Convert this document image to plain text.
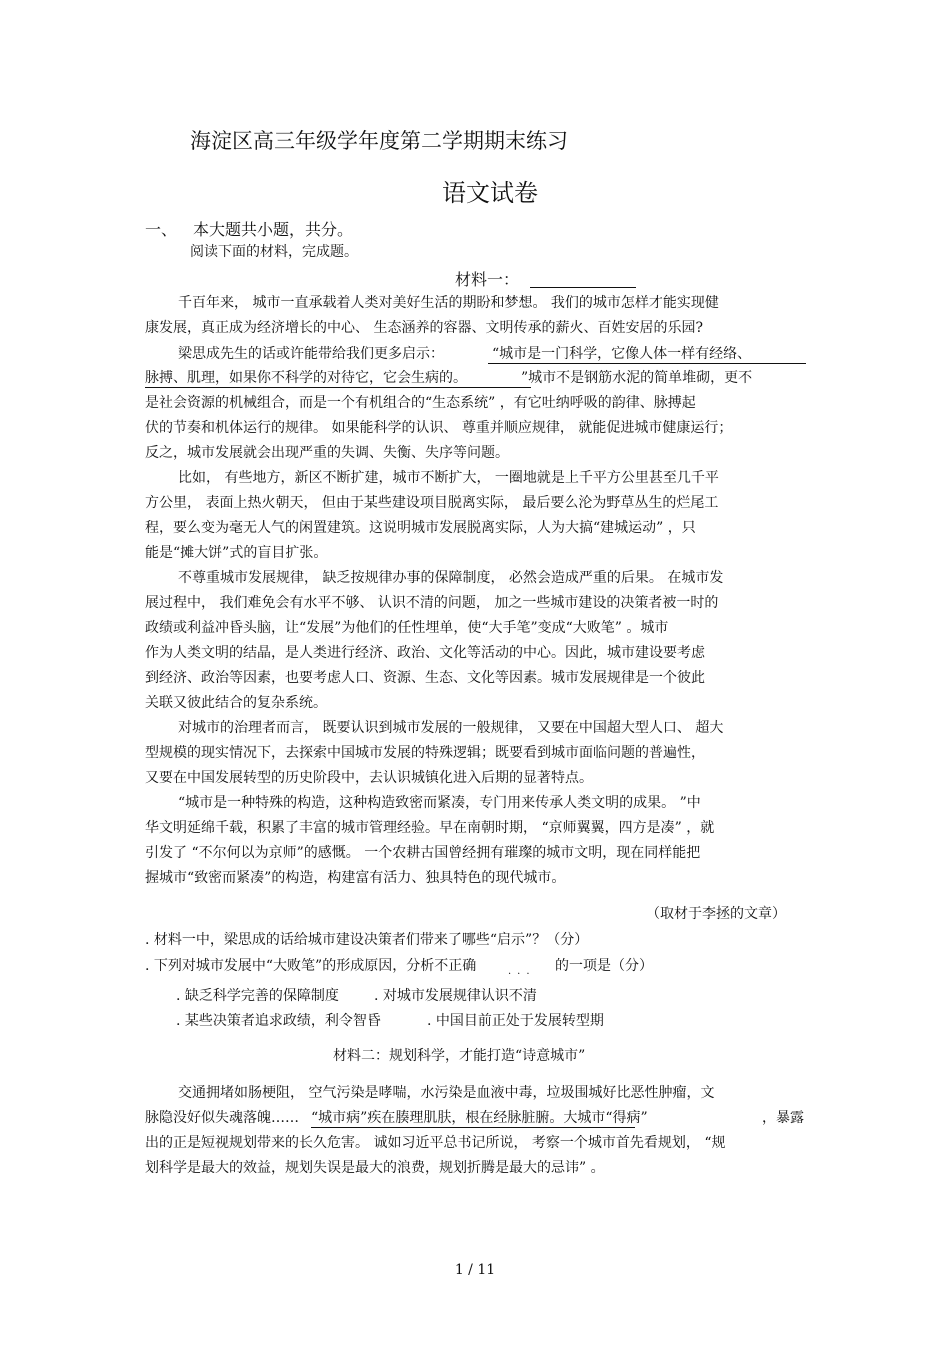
海淀区高三年级学年度第二学期期末练习
语文试卷
一、 本大题共小题，共分。
阅读下面的材料，完成题。
材料一：
千百年来， 城市一直承载着人类对美好生活的期盼和梦想。 我们的城市怎样才能实现健
康发展，真正成为经济增长的中心、 生态涵养的容器、文明传承的薪火、百姓安居的乐园?
梁思成先生的话或许能带给我们更多启示：	“城市是一门科学，它像人体一样有经络、
脉搏、肌理，如果你不科学的对待它，它会生病的。	”城市不是钢筋水泥的简单堆砌，更不
是社会资源的机械组合，而是一个有机组合的“生态系统” ，有它吐纳呼吸的韵律、脉搏起
伏的节奏和机体运行的规律。 如果能科学的认识、 尊重并顺应规律， 就能促进城市健康运行；
反之，城市发展就会出现严重的失调、失衡、失序等问题。
比如， 有些地方，新区不断扩建，城市不断扩大， 一圈地就是上千平方公里甚至几千平
方公里， 表面上热火朝天， 但由于某些建设项目脱离实际， 最后要么沦为野草丛生的烂尾工
程，要么变为毫无人气的闲置建筑。这说明城市发展脱离实际，人为大搞“建城运动” ，只
能是“摊大饼”式的盲目扩张。
不尊重城市发展规律， 缺乏按规律办事的保障制度， 必然会造成严重的后果。 在城市发
展过程中， 我们难免会有水平不够、 认识不清的问题， 加之一些城市建设的决策者被一时的
政绩或利益冲昏头脑，让“发展”为他们的任性埋单，使“大手笔”变成“大败笔” 。城市
作为人类文明的结晶，是人类进行经济、政治、文化等活动的中心。因此，城市建设要考虑
到经济、政治等因素，也要考虑人口、资源、生态、文化等因素。城市发展规律是一个彼此
关联又彼此结合的复杂系统。
对城市的治理者而言， 既要认识到城市发展的一般规律， 又要在中国超大型人口、 超大
型规模的现实情况下，去探索中国城市发展的特殊逻辑；既要看到城市面临问题的普遍性，
又要在中国发展转型的历史阶段中，去认识城镇化进入后期的显著特点。
“城市是一种特殊的构造，这种构造致密而紧凑，专门用来传承人类文明的成果。 ”中
华文明延绵千载，积累了丰富的城市管理经验。早在南朝时期， “京师翼翼，四方是凑” ，就
引发了 “不尔何以为京师”的感慨。 一个农耕古国曾经拥有璀璨的城市文明，现在同样能把
握城市“致密而紧凑”的构造，构建富有活力、独具特色的现代城市。
（取材于李拯的文章）
. 材料一中，梁思成的话给城市建设决策者们带来了哪些“启示”？（分）
. 下列对城市发展中“大败笔”的形成原因，分析不正确	... 的一项是（分）
. 缺乏科学完善的保障制度	. 对城市发展规律认识不清
. 某些决策者追求政绩，利令智昏	. 中国目前正处于发展转型期
材料二：规划科学，才能打造“诗意城市”
交通拥堵如肠梗阻， 空气污染是哮喘，水污染是血液中毒，垃圾围城好比恶性肿瘤，文
脉隐没好似失魂落魄…… “城市病”疾在腠理肌肤，根在经脉脏腑。大城市“得病”	，暴露
出的正是短视规划带来的长久危害。 诚如习近平总书记所说， 考察一个城市首先看规划， “规
划科学是最大的效益，规划失误是最大的浪费，规划折腾是最大的忌讳” 。
1 / 11
